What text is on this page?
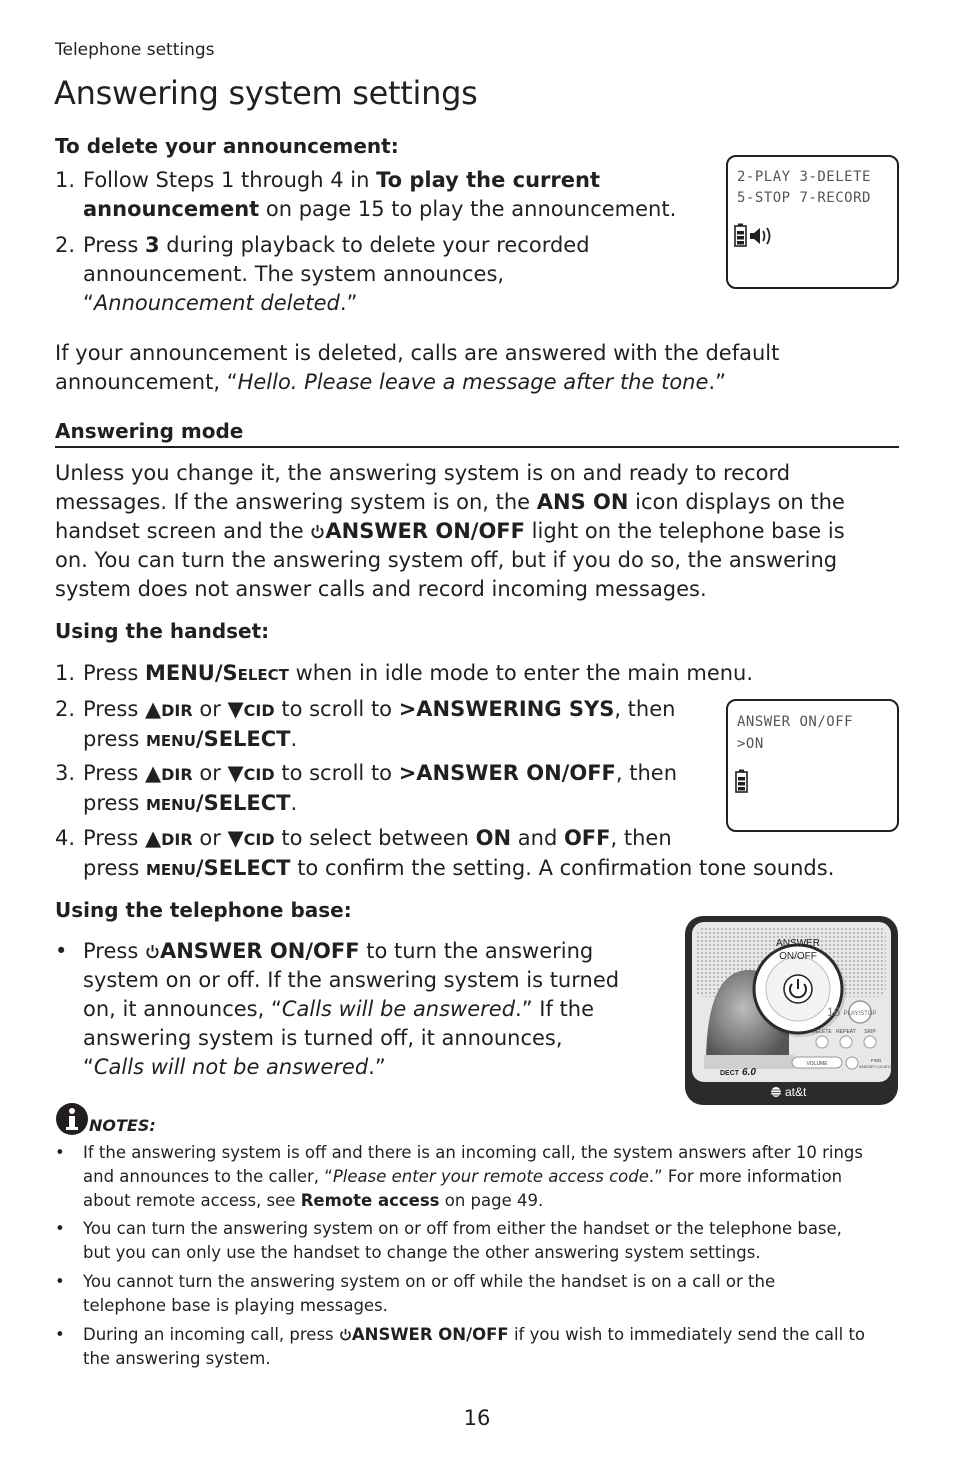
Telephone settings
Answering system settings
To delete your announcement:
1. Follow Steps 1 through 4 in To play the current
announcement on page 15 to play the announcement.
2. Press 3 during playback to delete your recorded
announcement. The system announces,
“Announcement deleted.”
2-PLAY 3-DELETE
5-STOP 7-RECORD
If your announcement is deleted, calls are answered with the default
announcement, “Hello. Please leave a message after the tone.”
Answering mode
Unless you change it, the answering system is on and ready to record
messages. If the answering system is on, the ANS ON icon displays on the
handset screen and the ANSWER ON/OFF light on the telephone base is
on. You can turn the answering system off, but if you do so, the answering
system does not answer calls and record incoming messages.
Using the handset:
1. Press MENU/Select when in idle mode to enter the main menu.
2. Press ▲DIR or ▼CID to scroll to >ANSWERING SYS, then
press menu/SELECT.
3. Press ▲DIR or ▼CID to scroll to >ANSWER ON/OFF, then
press menu/SELECT.
4. Press ▲DIR or ▼CID to select between ON and OFF, then
press menu/SELECT to confirm the setting. A confirmation tone sounds.
ANSWER ON/OFF
>ON
Using the telephone base:
• Press ANSWER ON/OFF to turn the answering
system on or off. If the answering system is turned
on, it announces, “Calls will be answered.” If the
answering system is turned off, it announces,
“Calls will not be answered.”
ANSWER
ON/OFF
16 PLAY/STOP
DELETE REPEAT SKIP
VOLUME
FIND
HANDSET LOCATOR
DECT 6.0
at&t
NOTES:
• If the answering system is off and there is an incoming call, the system answers after 10 rings
and announces to the caller, “Please enter your remote access code.” For more information
about remote access, see Remote access on page 49.
• You can turn the answering system on or off from either the handset or the telephone base,
but you can only use the handset to change the other answering system settings.
• You cannot turn the answering system on or off while the handset is on a call or the
telephone base is playing messages.
• During an incoming call, press ANSWER ON/OFF if you wish to immediately send the call to
the answering system.
16
